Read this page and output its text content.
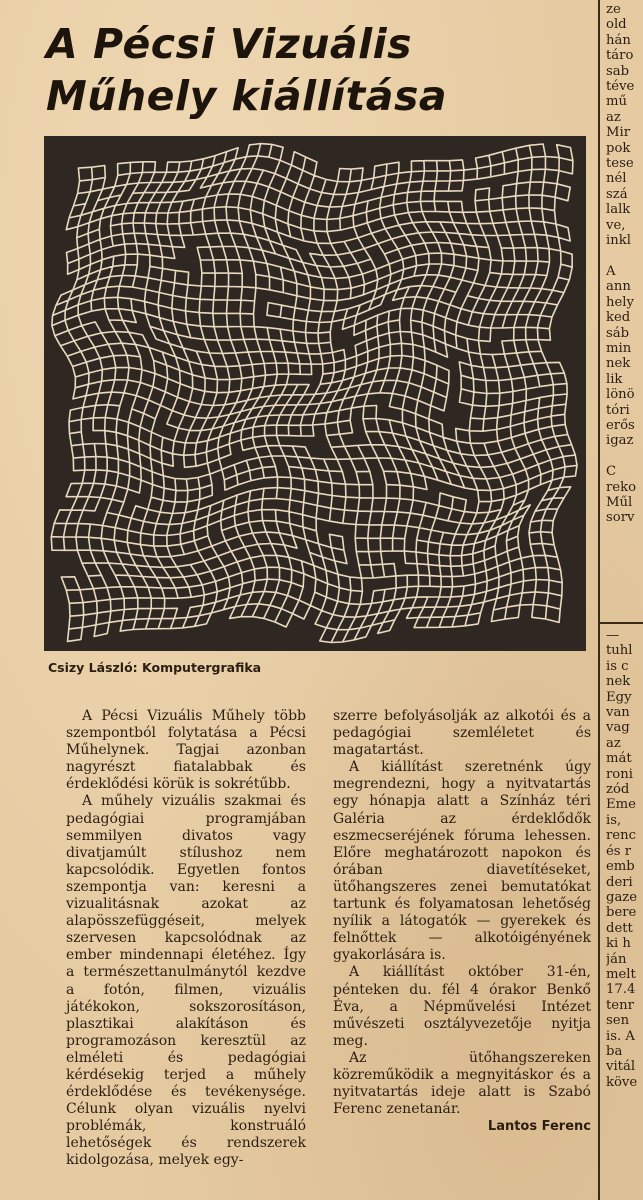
A Pécsi Vizuális
Műhely kiállítása
Csizy László: Komputergrafika

A Pécsi Vizuális Műhely több szempontból folytatása a Pécsi Műhelynek. Tagjai azonban nagyrészt fiatalabbak és érdeklődési körük is sokrétűbb.

A műhely vizuális szakmai és pedagógiai programjában semmilyen divatos vagy divatjamúlt stílushoz nem kapcsolódik. Egyetlen fontos szempontja van: keresni a vizualitásnak azokat az alapösszefüggéseit, melyek szervesen kapcsolódnak az ember mindennapi életéhez. Így a természettanulmánytól kezdve a fotón, filmen, vizuális játékokon, sokszorosításon, plasztikai alakításon és programozáson keresztül az elméleti és pedagógiai kérdésekig terjed a műhely érdeklődése és tevékenysége. Célunk olyan vizuális nyelvi problémák, konstruáló lehetőségek és rendszerek kidolgozása, melyek egy-

szerre befolyásolják az alkotói és a pedagógiai szemléletet és magatartást.

A kiállítást szeretnénk úgy megrendezni, hogy a nyitvatartás egy hónapja alatt a Színház téri Galéria az érdeklődők eszmecseréjének fóruma lehessen. Előre meghatározott napokon és órában diavetítéseket, ütőhangszeres zenei bemutatókat tartunk és folyamatosan lehetőség nyílik a látogatók — gyerekek és felnőttek — alkotóigényének gyakorlására is.

A kiállítást október 31-én, pénteken du. fél 4 órakor Benkő Éva, a Népművelési Intézet művészeti osztályvezetője nyitja meg.

Az ütőhangszereken közreműködik a megnyitáskor és a nyitvatartás ideje alatt is Szabó Ferenc zenetanár.

Lantos Ferenc

ze
old
hán
táro
sab
téve
mű
az
Mir
pok
tese
nél
szá
lalk
ve,
inkl

A
ann
hely
ked
sáb
min
nek
lik
lönö
tóri
erős
igaz

C
reko
Műl
sorv
—
tuhl
is c
nek
Egy
van
vag
az
mát
roni
zód
Eme
is,
renc
és r
emb
deri
gaze
bere
dett
ki h
ján
melt
17.4
tenr
sen
is. A
ba
vitál
köve
